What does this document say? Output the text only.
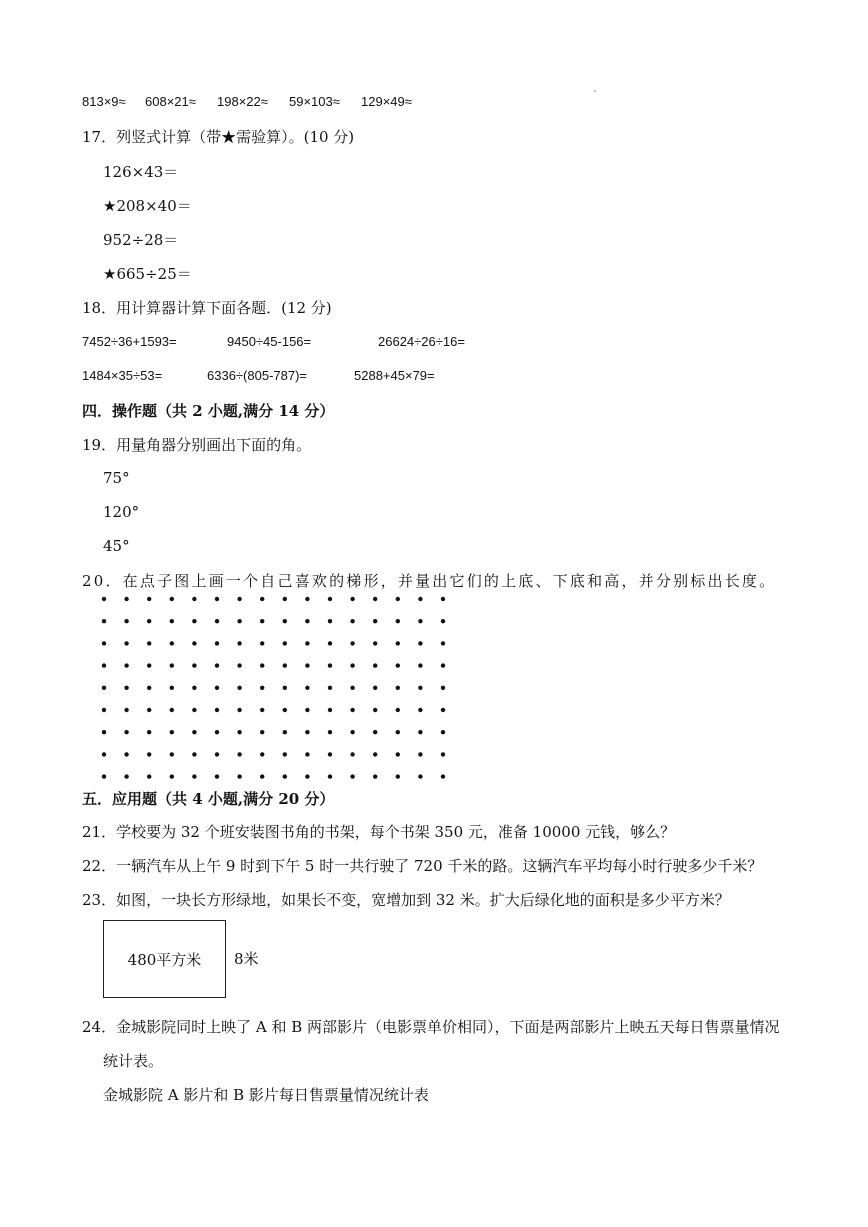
813×9≈ 608×21≈ 198×22≈ 59×103≈ 129×49≈
17．列竖式计算（带★需验算）。(10 分)
126×43＝
★208×40＝
952÷28＝
★665÷25＝
18．用计算器计算下面各题．(12 分)
7452÷36+1593=	9450÷45-156=	26624÷26÷16=
1484×35÷53=	6336÷(805-787)=	5288+45×79=
四．操作题（共 2 小题,满分 14 分）
19．用量角器分别画出下面的角。
75°
120°
45°
20．在点子图上画一个自己喜欢的梯形，并量出它们的上底、下底和高，并分别标出长度。
五．应用题（共 4 小题,满分 20 分）
21．学校要为 32 个班安装图书角的书架，每个书架 350 元，准备 10000 元钱，够么？
22．一辆汽车从上午 9 时到下午 5 时一共行驶了 720 千米的路。这辆汽车平均每小时行驶多少千米？
23．如图，一块长方形绿地，如果长不变，宽增加到 32 米。扩大后绿化地的面积是多少平方米？
480平方米 8米
24．金城影院同时上映了 A 和 B 两部影片（电影票单价相同），下面是两部影片上映五天每日售票量情况
统计表。
金城影院 A 影片和 B 影片每日售票量情况统计表
